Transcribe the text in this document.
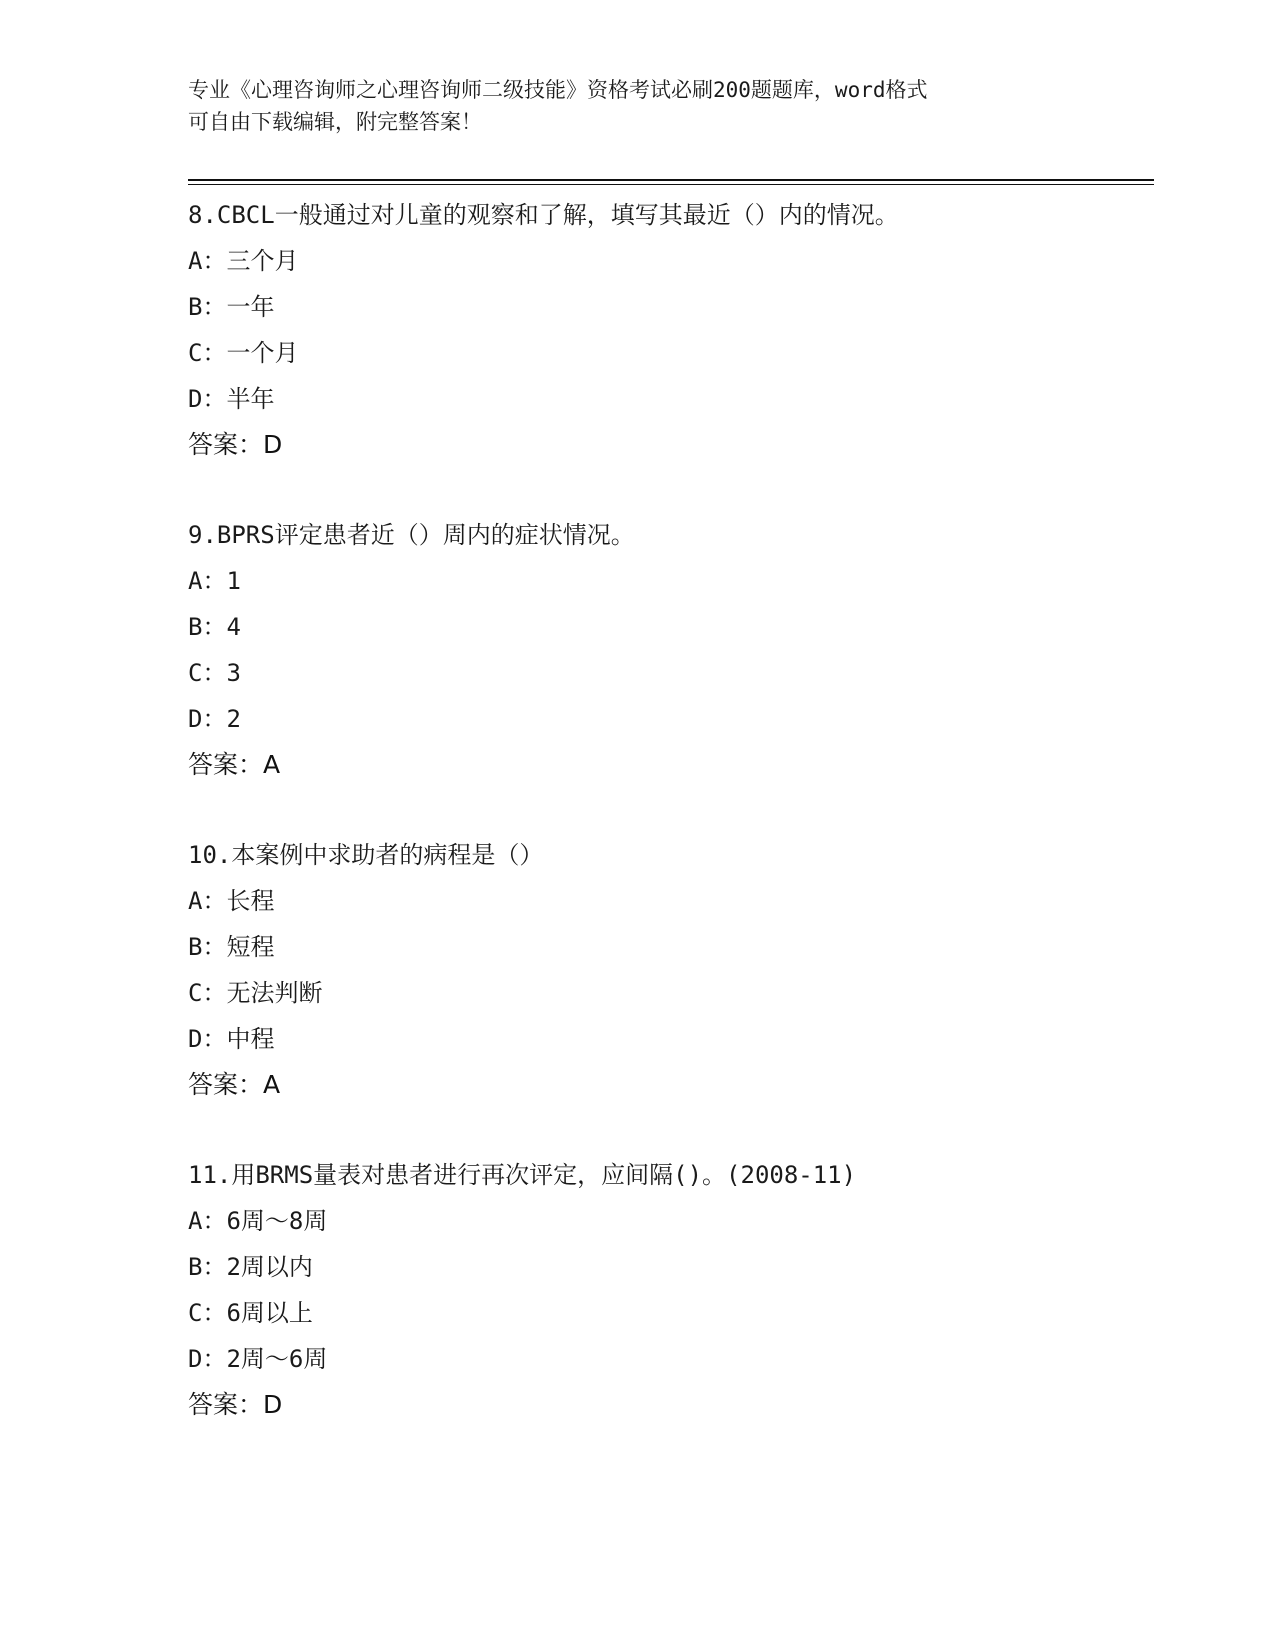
专业《心理咨询师之心理咨询师二级技能》资格考试必刷200题题库，word格式
可自由下载编辑，附完整答案！
8.CBCL一般通过对儿童的观察和了解，填写其最近（）内的情况。
A：三个月
B：一年
C：一个月
D：半年
答案：D
9.BPRS评定患者近（）周内的症状情况。
A：1
B：4
C：3
D：2
答案：A
10.本案例中求助者的病程是（）
A：长程
B：短程
C：无法判断
D：中程
答案：A
11.用BRMS量表对患者进行再次评定，应间隔()。(2008-11)
A：6周～8周
B：2周以内
C：6周以上
D：2周～6周
答案：D
